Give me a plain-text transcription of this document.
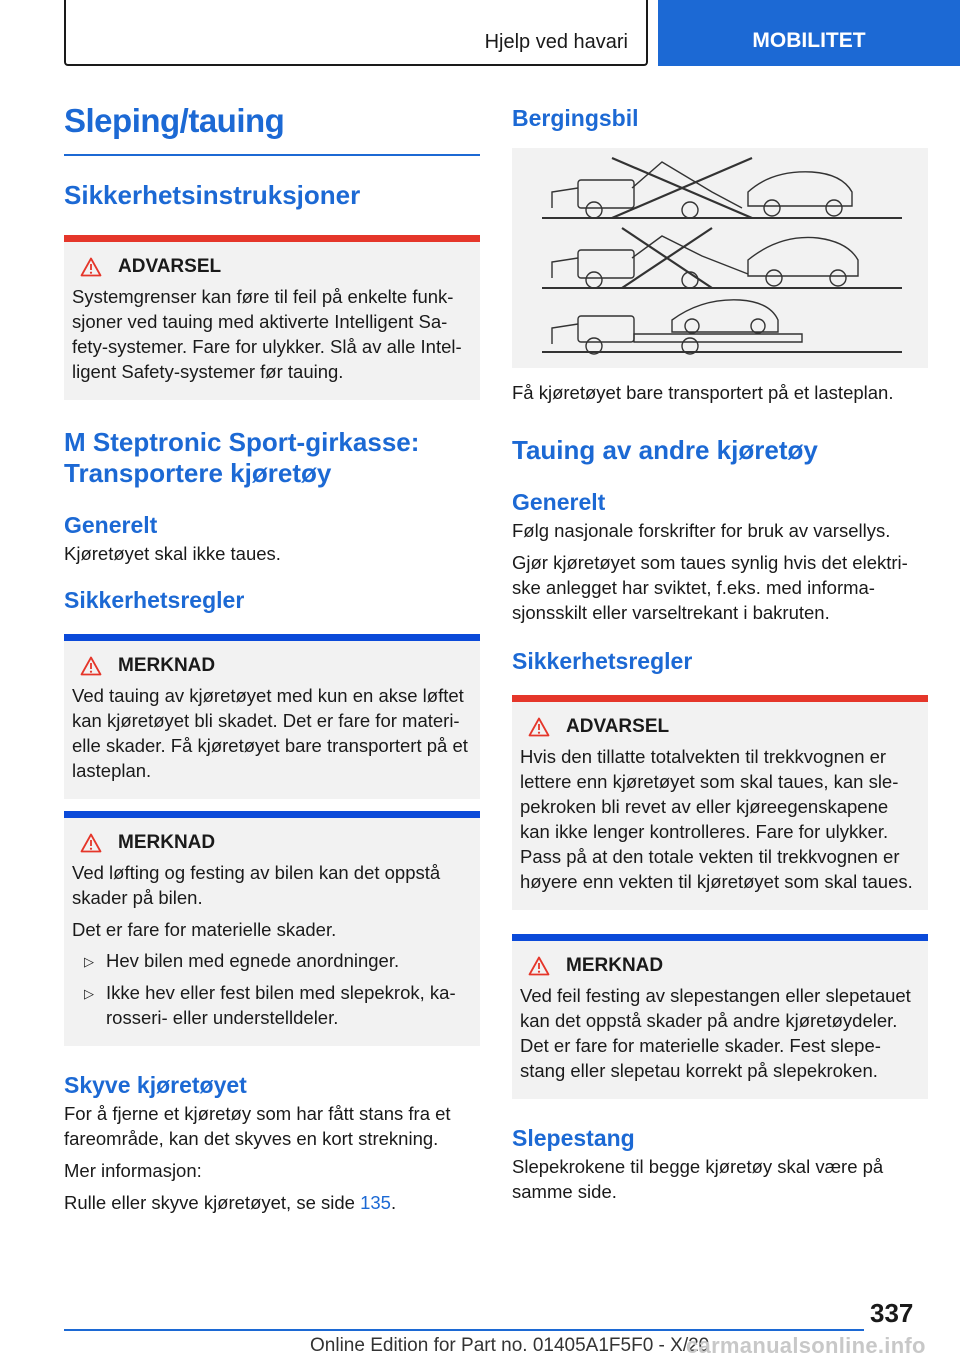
Hjelp ved havari	MOBILITET
Sleping/tauing
Sikkerhetsinstruksjoner
ADVARSEL
Systemgrenser kan føre til feil på enkelte funk-sjoner ved tauing med aktiverte Intelligent Sa-fety-systemer. Fare for ulykker. Slå av alle Intel-ligent Safety-systemer før tauing.
M Steptronic Sport-girkasse: Transportere kjøretøy
Generelt
Kjøretøyet skal ikke taues.
Sikkerhetsregler
MERKNAD
Ved tauing av kjøretøyet med kun en akse løftet kan kjøretøyet bli skadet. Det er fare for materi-elle skader. Få kjøretøyet bare transportert på et lasteplan.
MERKNAD
Ved løfting og festing av bilen kan det oppstå skader på bilen.
Det er fare for materielle skader.
▷ Hev bilen med egnede anordninger.
▷ Ikke hev eller fest bilen med slepekrok, ka-rosseri- eller understelldeler.
Skyve kjøretøyet
For å fjerne et kjøretøy som har fått stans fra et fareområde, kan det skyves en kort strekning.
Mer informasjon:
Rulle eller skyve kjøretøyet, se side 135.
Bergingsbil
Få kjøretøyet bare transportert på et lasteplan.
Tauing av andre kjøretøy
Generelt
Følg nasjonale forskrifter for bruk av varsellys.
Gjør kjøretøyet som taues synlig hvis det elektri-ske anlegget har sviktet, f.eks. med informa-sjonsskilt eller varseltrekant i bakruten.
Sikkerhetsregler
ADVARSEL
Hvis den tillatte totalvekten til trekkvognen er lettere enn kjøretøyet som skal taues, kan sle-pekroken bli revet av eller kjøreegenskapene kan ikke lenger kontrolleres. Fare for ulykker. Pass på at den totale vekten til trekkvognen er høyere enn vekten til kjøretøyet som skal taues.
MERKNAD
Ved feil festing av slepestangen eller slepetauet kan det oppstå skader på andre kjøretøydeler. Det er fare for materielle skader. Fest slepe-stang eller slepetau korrekt på slepekroken.
Slepestang
Slepekrokene til begge kjøretøy skal være på samme side.
337
Online Edition for Part no. 01405A1F5F0 - X/20
carmanualsonline.info
